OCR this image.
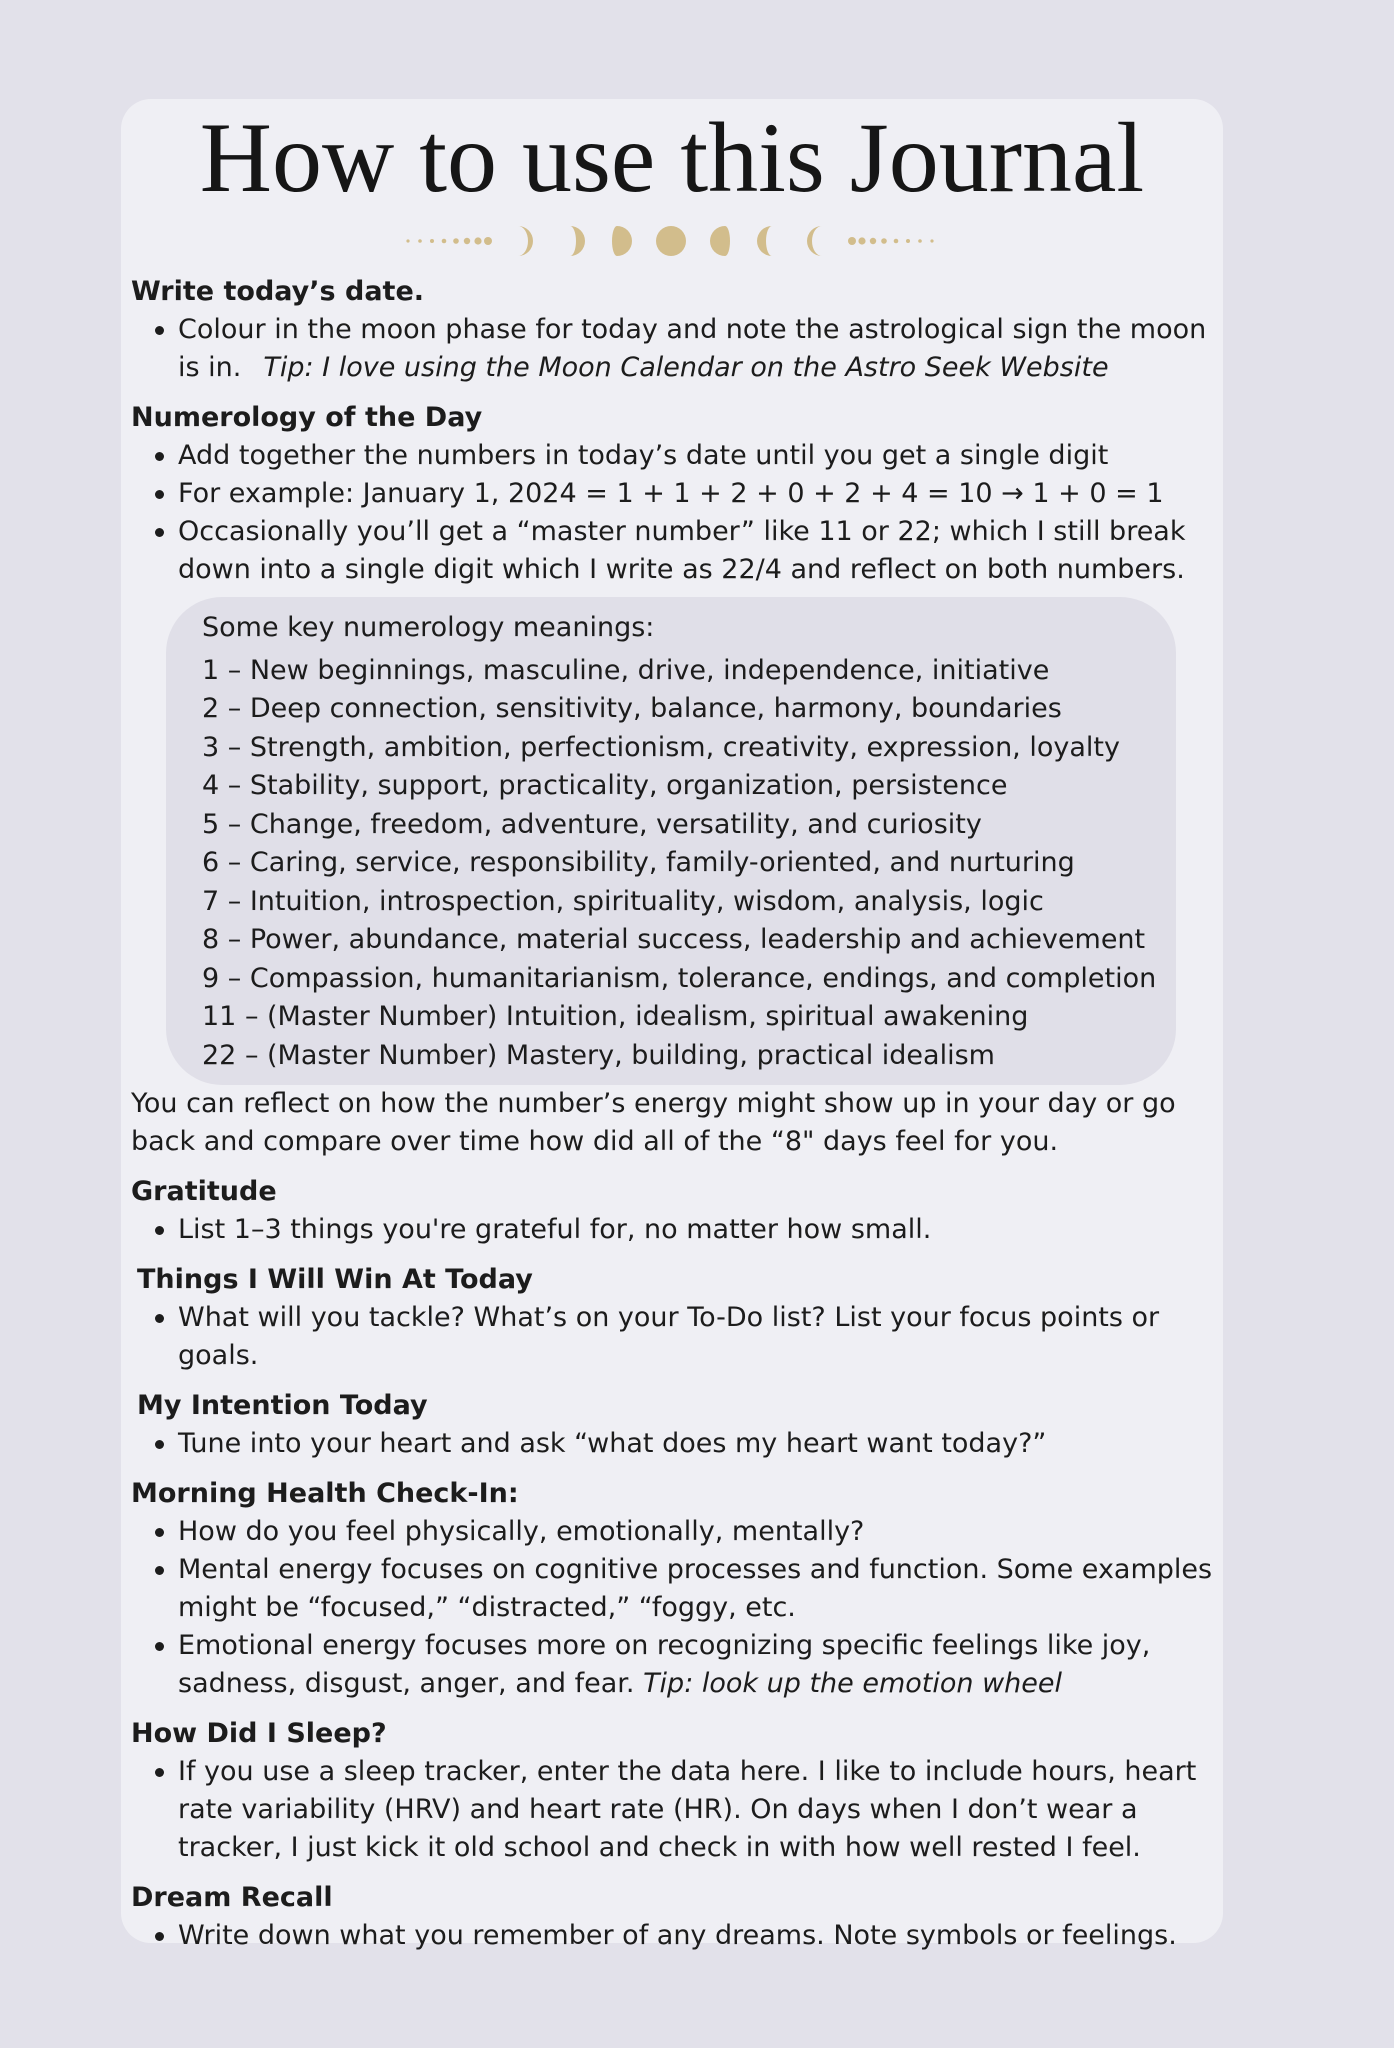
How to use this Journal

Write today’s date.

Colour in the moon phase for today and note the astrological sign the moon is in. Tip: I love using the Moon Calendar on the Astro Seek Website

Numerology of the Day

Add together the numbers in today’s date until you get a single digit
For example: January 1, 2024 = 1 + 1 + 2 + 0 + 2 + 4 = 10 → 1 + 0 = 1
Occasionally you’ll get a “master number” like 11 or 22; which I still break down into a single digit which I write as 22/4 and reflect on both numbers.
Some key numerology meanings:
1 – New beginnings, masculine, drive, independence, initiative
2 – Deep connection, sensitivity, balance, harmony, boundaries
3 – Strength, ambition, perfectionism, creativity, expression, loyalty
4 – Stability, support, practicality, organization, persistence
5 – Change, freedom, adventure, versatility, and curiosity
6 – Caring, service, responsibility, family-oriented, and nurturing
7 – Intuition, introspection, spirituality, wisdom, analysis, logic
8 – Power, abundance, material success, leadership and achievement
9 – Compassion, humanitarianism, tolerance, endings, and completion
11 – (Master Number) Intuition, idealism, spiritual awakening
22 – (Master Number) Mastery, building, practical idealism

You can reflect on how the number’s energy might show up in your day or go back and compare over time how did all of the “8" days feel for you.

Gratitude

List 1–3 things you're grateful for, no matter how small.

Things I Will Win At Today

What will you tackle? What’s on your To-Do list? List your focus points or goals.

My Intention Today

Tune into your heart and ask “what does my heart want today?”

Morning Health Check-In:

How do you feel physically, emotionally, mentally?
Mental energy focuses on cognitive processes and function. Some examples might be “focused,” “distracted,” “foggy, etc.
Emotional energy focuses more on recognizing specific feelings like joy, sadness, disgust, anger, and fear. Tip: look up the emotion wheel

How Did I Sleep?

If you use a sleep tracker, enter the data here. I like to include hours, heart rate variability (HRV) and heart rate (HR). On days when I don’t wear a tracker, I just kick it old school and check in with how well rested I feel.

Dream Recall

Write down what you remember of any dreams. Note symbols or feelings.
